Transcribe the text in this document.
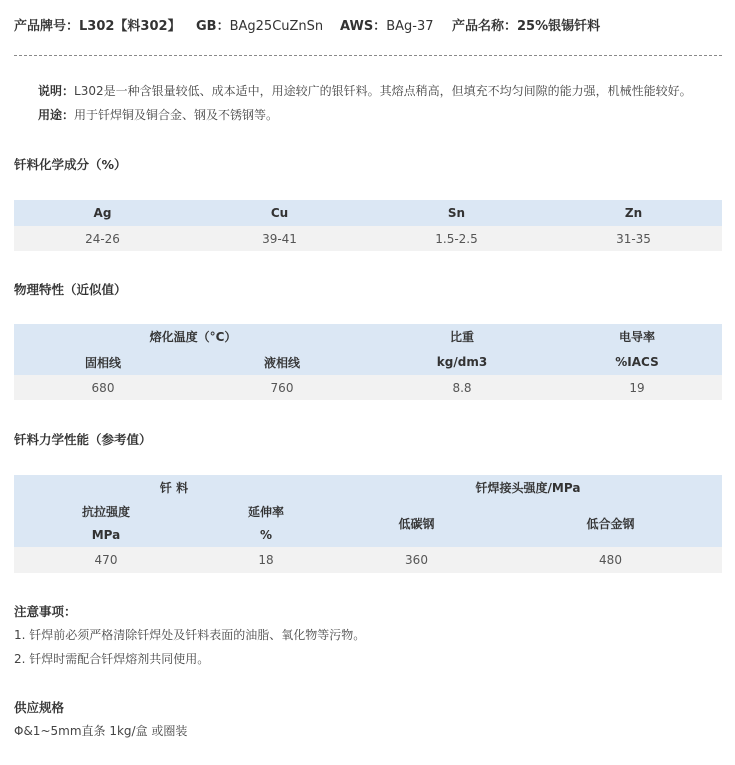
产品牌号：L302【料302】	GB：BAg25CuZnSn	AWS：BAg-37	产品名称：25%银锡钎料
说明：L302是一种含银量较低、成本适中，用途较广的银钎料。其熔点稍高，但填充不均匀间隙的能力强，机械性能较好。
用途：用于钎焊铜及铜合金、钢及不锈钢等。
钎料化学成分（%）
Ag	Cu	Sn	Zn
24-26	39-41	1.5-2.5	31-35
物理特性（近似值）
熔化温度（°C）		比重	电导率
固相线	液相线	kg/dm3	%IACS
680	760	8.8	19
钎料力学性能（参考值）
钎 料		钎焊接头强度/MPa	
抗拉强度	延伸率	低碳钢	低合金钢
MPa	%		
470	18	360	480
注意事项：
1. 钎焊前必须严格清除钎焊处及钎料表面的油脂、氧化物等污物。
2. 钎焊时需配合钎焊熔剂共同使用。
供应规格
Φ&1~5mm直条 1kg/盒 或圈装
